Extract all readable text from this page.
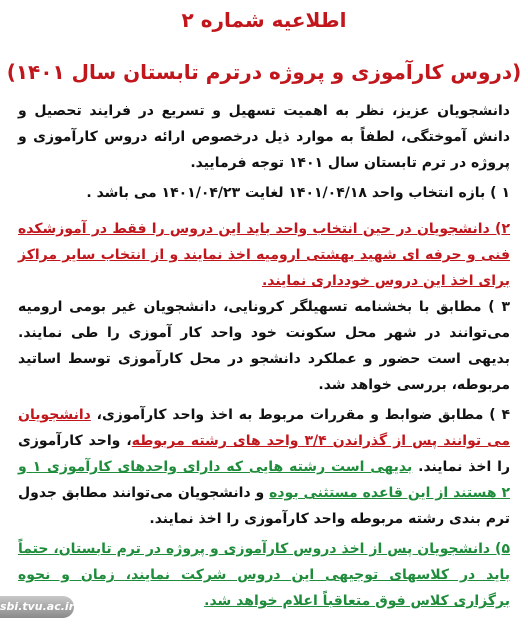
اطلاعیه شماره ۲
(دروس کارآموزی و پروژه درترم تابستان سال ۱۴۰۱)
دانشجویان عزیز، نظر به اهمیت تسهیل و تسریع در فرایند تحصیل و دانش آموختگی، لطفاً به موارد ذیل درخصوص ارائه دروس کارآموزی و پروژه در ترم تابستان سال ۱۴۰۱ توجه فرمایید.
۱ ) بازه انتخاب واحد ۱۴۰۱/۰۴/۱۸ لغایت ۱۴۰۱/۰۴/۲۳ می باشد .
۲) دانشجویان در حین انتخاب واحد باید این دروس را فقط در آموزشکده فنی و حرفه ای شهید بهشتی ارومیه اخذ نمایند و از انتخاب سایر مراکز برای اخذ این دروس خودداری نمایند.
۳ ) مطابق با بخشنامه تسهیلگر کرونایی، دانشجویان غیر بومی ارومیه می‌توانند در شهر محل سکونت خود واحد کار آموزی را طی نمایند. بدیهی است حضور و عملکرد دانشجو در محل کارآموزی توسط اساتید مربوطه، بررسی خواهد شد.
۴ ) مطابق ضوابط و مقررات مربوط به اخذ واحد کارآموزی، دانشجویان می توانند پس از گذراندن ۳/۴ واحد های رشته مربوطه، واحد کارآموزی را اخذ نمایند. بدیهی است رشته هایی که دارای واحدهای کارآموزی ۱ و ۲ هستند از این قاعده مستثنی بوده و دانشجویان می‌توانند مطابق جدول ترم بندی رشته مربوطه واحد کارآموزی را اخذ نمایند.
۵) دانشجویان پس از اخذ دروس کارآموزی و پروژه در ترم تابستان، حتماً باید در کلاسهای توجیهی این دروس شرکت نمایند، زمان و نحوه برگزاری کلاس فوق متعاقباً اعلام خواهد شد.
sbi.tvu.ac.ir
